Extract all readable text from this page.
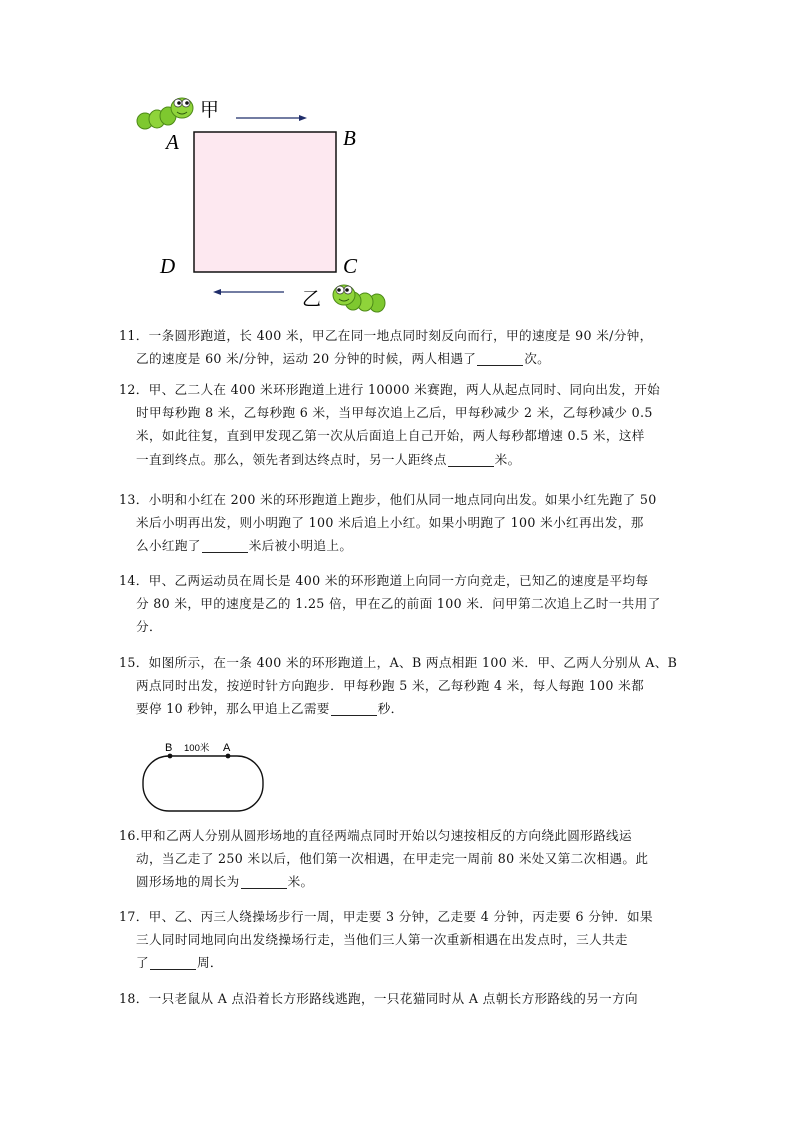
甲
乙
A	B
C
D
11．一条圆形跑道，长 400 米，甲乙在同一地点同时刻反向而行，甲的速度是 90 米/分钟，
乙的速度是 60 米/分钟，运动 20 分钟的时候，两人相遇了	次。
12．甲、乙二人在 400 米环形跑道上进行 10000 米赛跑，两人从起点同时、同向出发，开始
时甲每秒跑 8 米，乙每秒跑 6 米，当甲每次追上乙后，甲每秒减少 2 米，乙每秒减少 0.5
米，如此往复，直到甲发现乙第一次从后面追上自己开始，两人每秒都增速 0.5 米，这样
一直到终点。那么，领先者到达终点时，另一人距终点	米。
13．小明和小红在 200 米的环形跑道上跑步，他们从同一地点同向出发。如果小红先跑了 50
米后小明再出发，则小明跑了 100 米后追上小红。如果小明跑了 100 米小红再出发，那
么小红跑了	米后被小明追上。
14．甲、乙两运动员在周长是 400 米的环形跑道上向同一方向竞走，已知乙的速度是平均每
分 80 米，甲的速度是乙的 1.25 倍，甲在乙的前面 100 米．问甲第二次追上乙时一共用了
分．
15．如图所示，在一条 400 米的环形跑道上，A、B 两点相距 100 米．甲、乙两人分别从 A、B
两点同时出发，按逆时针方向跑步．甲每秒跑 5 米，乙每秒跑 4 米，每人每跑 100 米都
要停 10 秒钟，那么甲追上乙需要	秒．
B 100米 A
16.甲和乙两人分别从圆形场地的直径两端点同时开始以匀速按相反的方向绕此圆形路线运
动，当乙走了 250 米以后，他们第一次相遇，在甲走完一周前 80 米处又第二次相遇。此
圆形场地的周长为	米。
17．甲、乙、丙三人绕操场步行一周，甲走要 3 分钟，乙走要 4 分钟，丙走要 6 分钟．如果
三人同时同地同向出发绕操场行走，当他们三人第一次重新相遇在出发点时，三人共走
了	周．
18．一只老鼠从 A 点沿着长方形路线逃跑，一只花猫同时从 A 点朝长方形路线的另一方向
